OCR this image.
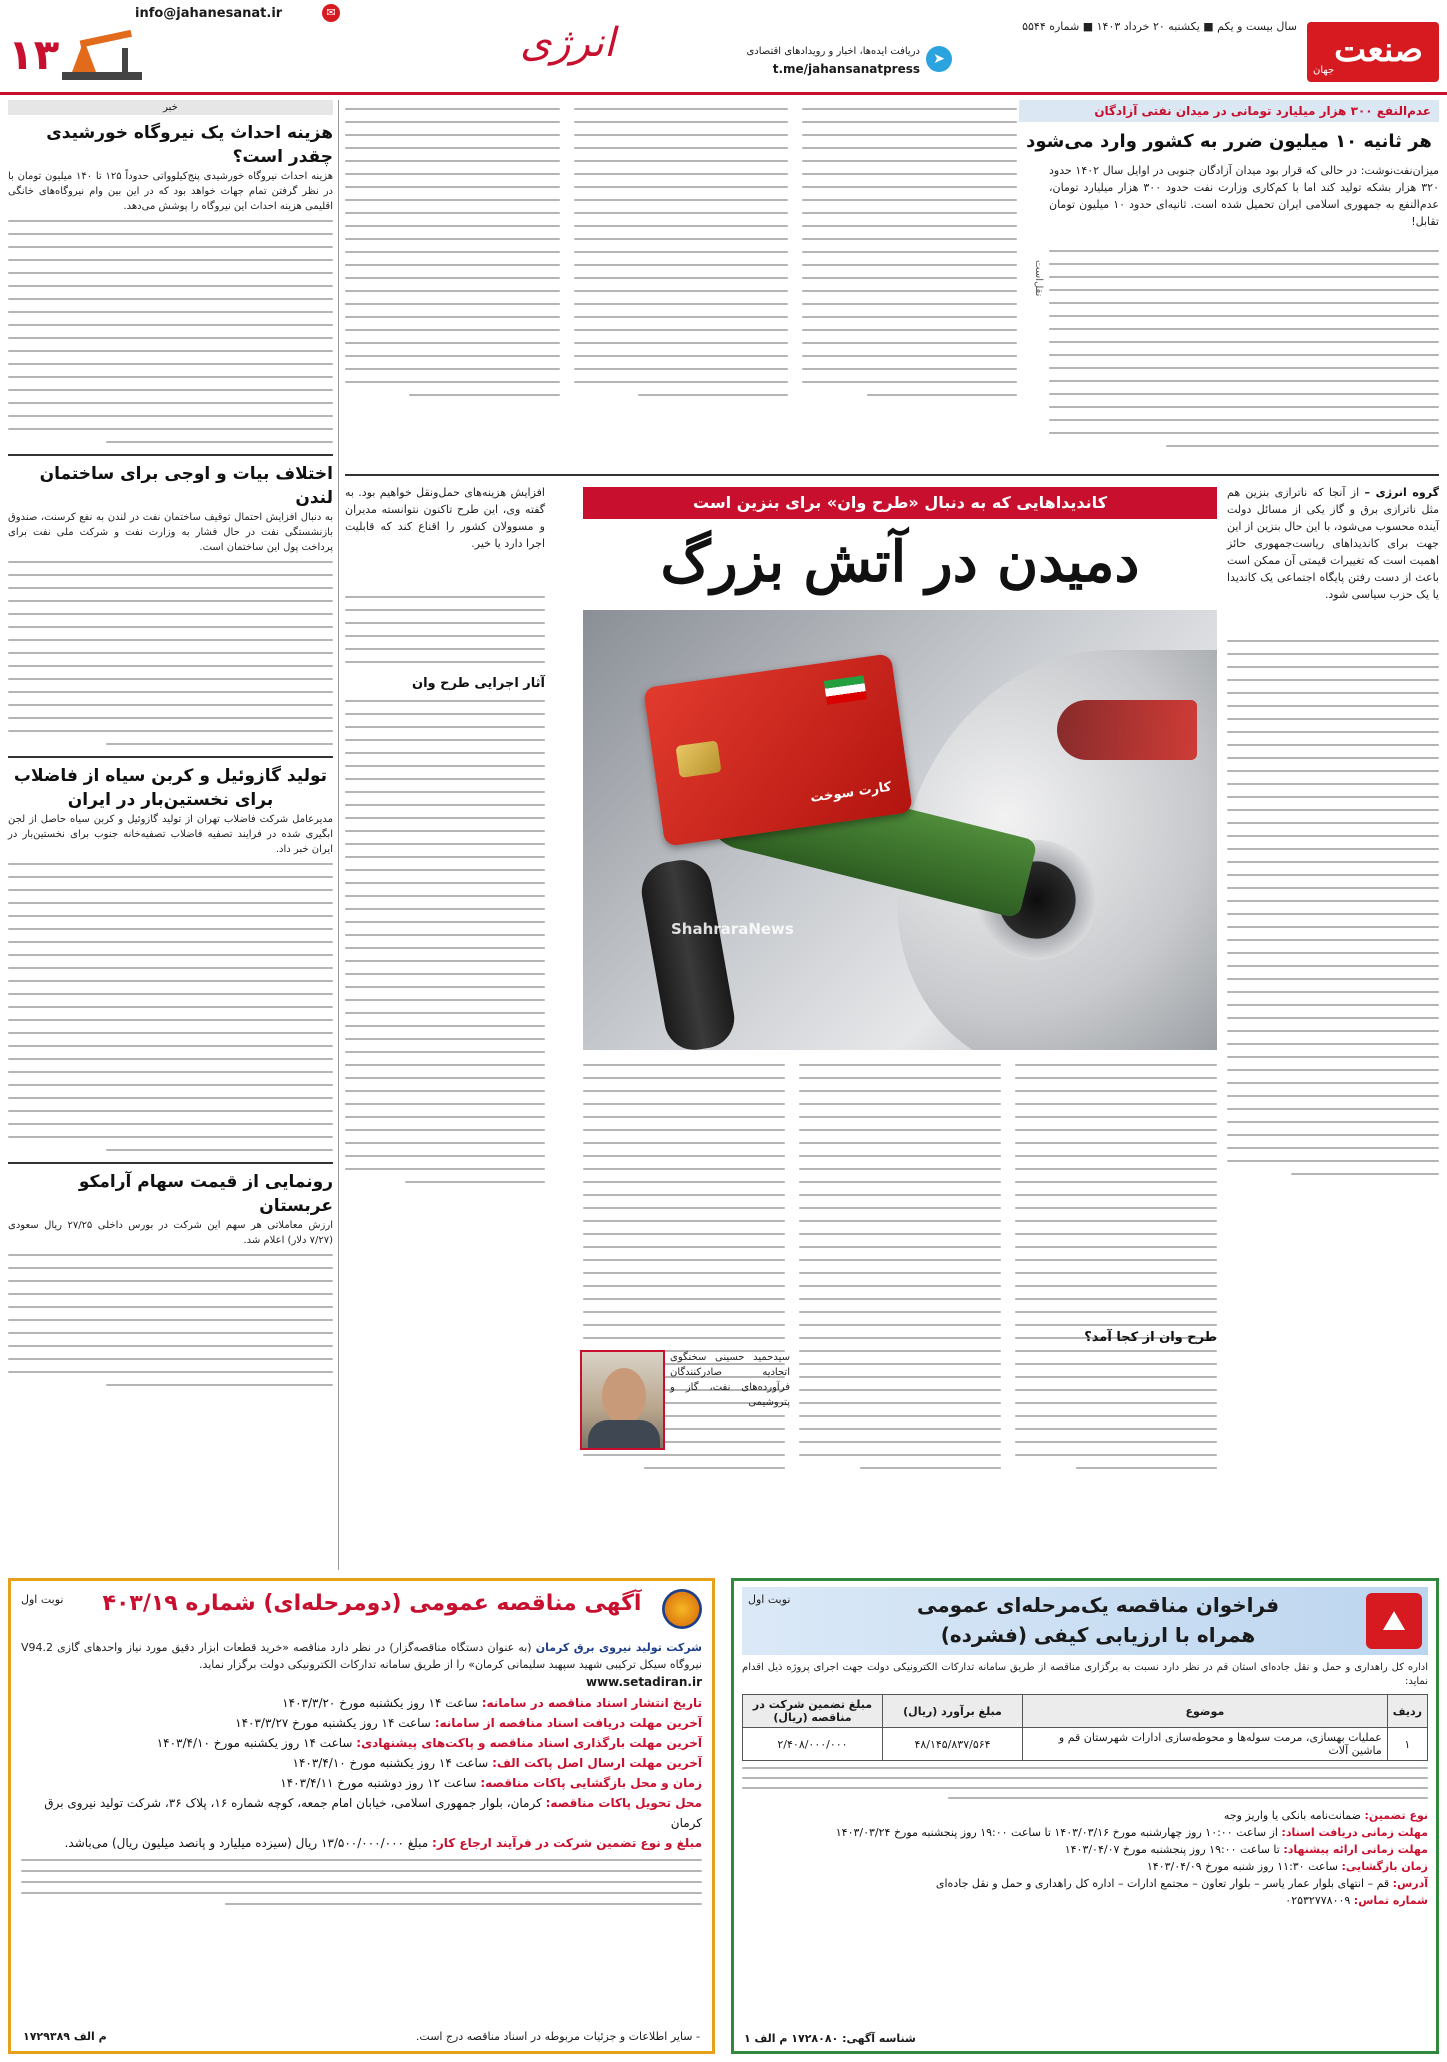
صنعت
جهان
سال بیست و یکم ■ یکشنبه ۲۰ خرداد ۱۴۰۳ ■ شماره ۵۵۴۴
➤
دریافت ایده‌ها، اخبار و رویدادهای اقتصادی
t.me/jahansanatpress
انرژی
info@jahanesanat.ir	✉
۱۳
عدم‌النفع ۳۰۰ هزار میلیارد تومانی در میدان نفتی آزادگان
هر ثانیه ۱۰ میلیون ضرر به کشور وارد می‌شود
میزان‌نفت‌نوشت: در حالی که قرار بود میدان آزادگان جنوبی در اوایل سال ۱۴۰۲ حدود ۳۲۰ هزار بشکه تولید کند اما با کم‌کاری وزارت نفت حدود ۳۰۰ هزار میلیارد تومان، عدم‌النفع به جمهوری اسلامی ایران تحمیل شده است. ثانیه‌ای حدود ۱۰ میلیون تومان تقابل!
نقل‌است
گروه انرژی – از آنجا که ناترازی بنزین هم مثل ناترازی برق و گاز یکی از مسائل دولت آینده محسوب می‌شود، با این حال بنزین از این جهت برای کاندیداهای ریاست‌جمهوری حائز اهمیت است که تغییرات قیمتی آن ممکن است باعث از دست رفتن پایگاه اجتماعی یک کاندیدا یا یک حزب سیاسی شود.
کاندیداهایی که به دنبال «طرح وان» برای بنزین است
دمیدن در آتش بزرگ
کارت سوخت
ShahraraNews
افزایش هزینه‌های حمل‌ونقل خواهیم بود. به گفته وی، این طرح تاکنون نتوانسته مدیران و مسوولان کشور را اقناع کند که قابلیت اجرا دارد یا خیر.
آثار اجرایی طرح وان
طرح وان از کجا آمد؟
سیدحمید حسینی سخنگوی اتحادیه صادرکنندگان فرآورده‌های نفت، گاز و پتروشیمی
خبر
هزینه احداث یک نیروگاه خورشیدی چقدر است؟
هزینه احداث نیروگاه خورشیدی پنج‌کیلوواتی حدوداً ۱۲۵ تا ۱۴۰ میلیون تومان با در نظر گرفتن تمام جهات خواهد بود که در این بین وام نیروگاه‌های خانگی اقلیمی هزینه احداث این نیروگاه را پوشش می‌دهد.
اختلاف بیات و اوجی برای ساختمان لندن
به دنبال افزایش احتمال توقیف ساختمان نفت در لندن به نفع کرسنت، صندوق بازنشستگی نفت در حال فشار به وزارت نفت و شرکت ملی نفت برای پرداخت پول این ساختمان است.
تولید گازوئیل و کربن سیاه از فاضلاب برای نخستین‌بار در ایران
مدیرعامل شرکت فاضلاب تهران از تولید گازوئیل و کربن سیاه حاصل از لجن ابگیری شده در فرایند تصفیه فاضلاب تصفیه‌خانه جنوب برای نخستین‌بار در ایران خبر داد.
رونمایی از قیمت سهام آرامکو عربستان
ارزش معاملاتی هر سهم این شرکت در بورس داخلی ۲۷/۲۵ ریال سعودی (۷/۲۷ دلار) اعلام شد.
⛰
فراخوان مناقصه یک‌مرحله‌ای عمومی
همراه با ارزیابی کیفی (فشرده)
نوبت اول
اداره کل راهداری و حمل و نقل جاده‌ای استان قم در نظر دارد نسبت به برگزاری مناقصه از طریق سامانه تدارکات الکترونیکی دولت جهت اجرای پروژه ذیل اقدام نماید:
ردیف	موضوع	مبلغ برآورد (ریال)	مبلغ تضمین شرکت در مناقصه (ریال)
۱	عملیات بهسازی، مرمت سوله‌ها و محوطه‌سازی ادارات شهرستان قم و ماشین آلات	۴۸/۱۴۵/۸۳۷/۵۶۴	۲/۴۰۸/۰۰۰/۰۰۰
نوع تضمین: ضمانت‌نامه بانکی یا واریز وجه
مهلت زمانی دریافت اسناد: از ساعت ۱۰:۰۰ روز چهارشنبه مورخ ۱۴۰۳/۰۳/۱۶ تا ساعت ۱۹:۰۰ روز پنجشنبه مورخ ۱۴۰۳/۰۳/۲۴
مهلت زمانی ارائه پیشنهاد: تا ساعت ۱۹:۰۰ روز پنجشنبه مورخ ۱۴۰۳/۰۴/۰۷
زمان بازگشایی: ساعت ۱۱:۳۰ روز شنبه مورخ ۱۴۰۳/۰۴/۰۹
آدرس: قم – انتهای بلوار عمار یاسر – بلوار تعاون – مجتمع ادارات – اداره کل راهداری و حمل و نقل جاده‌ای
شماره تماس: ۰۲۵۳۲۷۷۸۰۰۹
شناسه آگهی: ۱۷۲۸۰۸۰ م الف ۱
آگهی مناقصه عمومی (دومرحله‌ای) شماره ۴۰۳/۱۹
نوبت اول
شرکت تولید نیروی برق کرمان (به عنوان دستگاه مناقصه‌گزار) در نظر دارد مناقصه «خرید قطعات ابزار دقیق مورد نیاز واحدهای گازی V94.2 نیروگاه سیکل ترکیبی شهید سپهبد سلیمانی کرمان» را از طریق سامانه تدارکات الکترونیکی دولت برگزار نماید.
www.setadiran.ir
تاریخ انتشار اسناد مناقصه در سامانه: ساعت ۱۴ روز یکشنبه مورخ ۱۴۰۳/۳/۲۰
آخرین مهلت دریافت اسناد مناقصه از سامانه: ساعت ۱۴ روز یکشنبه مورخ ۱۴۰۳/۳/۲۷
آخرین مهلت بارگذاری اسناد مناقصه و پاکت‌های پیشنهادی: ساعت ۱۴ روز یکشنبه مورخ ۱۴۰۳/۴/۱۰
آخرین مهلت ارسال اصل پاکت الف: ساعت ۱۴ روز یکشنبه مورخ ۱۴۰۳/۴/۱۰
زمان و محل بازگشایی پاکات مناقصه: ساعت ۱۲ روز دوشنبه مورخ ۱۴۰۳/۴/۱۱
محل تحویل پاکات مناقصه: کرمان، بلوار جمهوری اسلامی، خیابان امام جمعه، کوچه شماره ۱۶، پلاک ۳۶، شرکت تولید نیروی برق کرمان
مبلغ و نوع تضمین شرکت در فرآیند ارجاع کار: مبلغ ۱۳/۵۰۰/۰۰۰/۰۰۰ ریال (سیزده میلیارد و پانصد میلیون ریال) می‌باشد.
- سایر اطلاعات و جزئیات مربوطه در اسناد مناقصه درج است.
م الف ۱۷۲۹۳۸۹
